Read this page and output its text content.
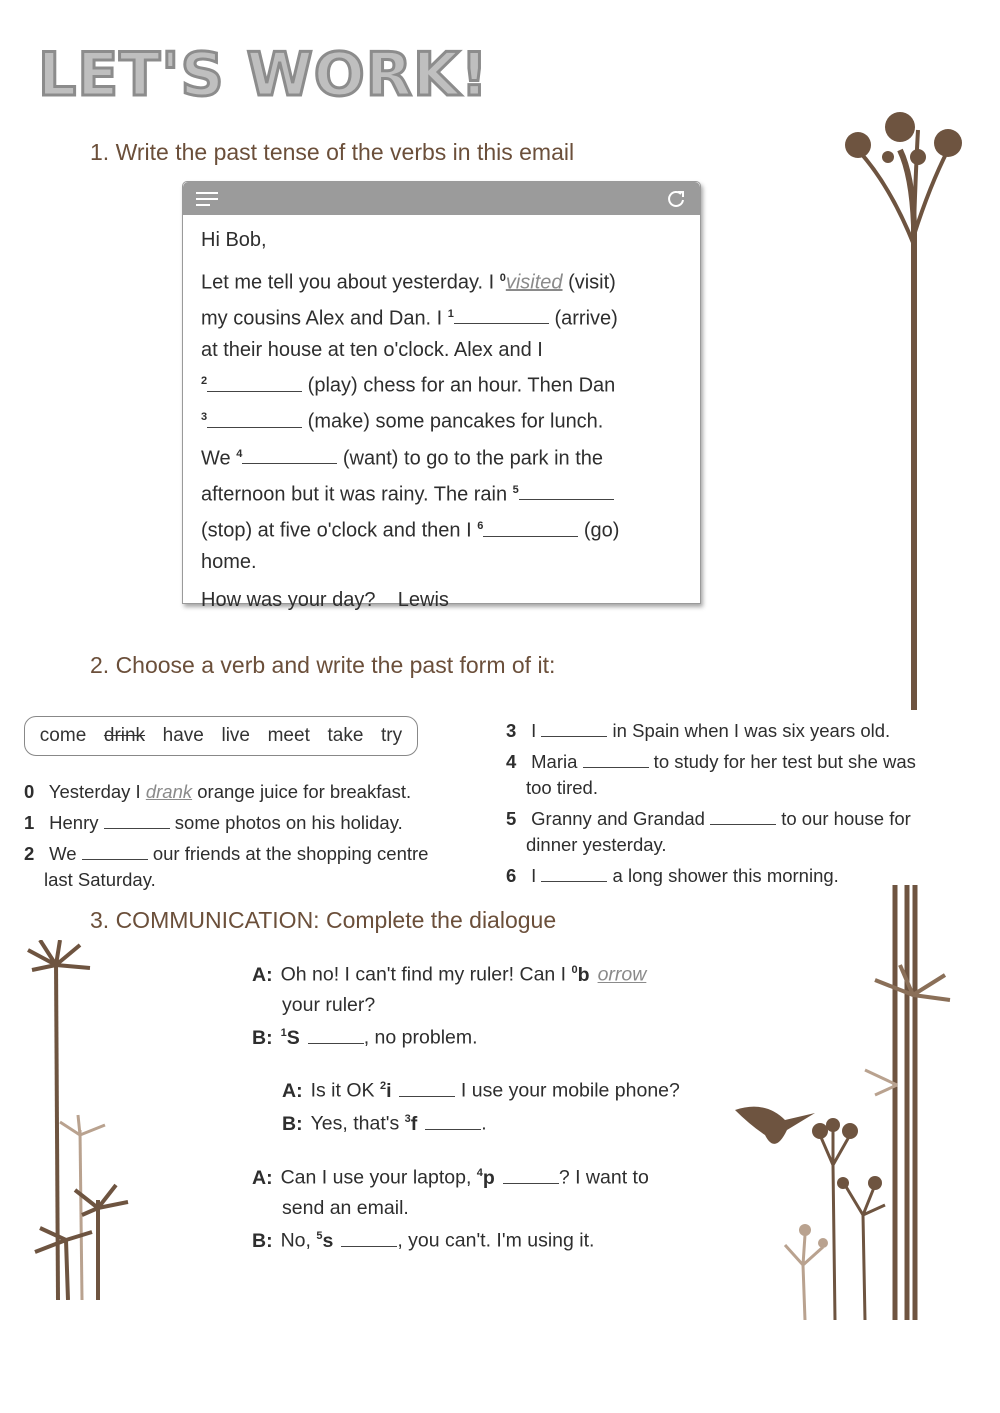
LET'S WORK!
1. Write the past tense of the verbs in this email

Hi Bob,

Let me tell you about yesterday. I $^0$visited (visit)

my cousins Alex and Dan. I $^1$	(arrive)

at their house at ten o'clock. Alex and I

$^2$	(play) chess for an hour. Then Dan

$^3$	(make) some pancakes for lunch.

We $^4$	(want) to go to the park in the

afternoon but it was rainy. The rain $^5$

(stop) at five o'clock and then I $^6$	(go)

home.

How was your day? Lewis

2. Choose a verb and write the past form of it:
come drink have live meet take try
0 Yesterday I drank orange juice for breakfast.
1 Henry	some photos on his holiday.
2 We	our friends at the shopping centre
last Saturday.
3 I	in Spain when I was six years old.
4 Maria	to study for her test but she was
too tired.
5 Granny and Grandad	to our house for
dinner yesterday.
6 I	a long shower this morning.
3. COMMUNICATION: Complete the dialogue
A: Oh no! I can't find my ruler! Can I $^0$b orrow
your ruler?
B: $^1$S	, no problem.
A: Is it OK $^2$i	I use your mobile phone?
B: Yes, that's $^3$f	.
A: Can I use your laptop, $^4$p	? I want to
send an email.
B: No, $^5$s	, you can't. I'm using it.
